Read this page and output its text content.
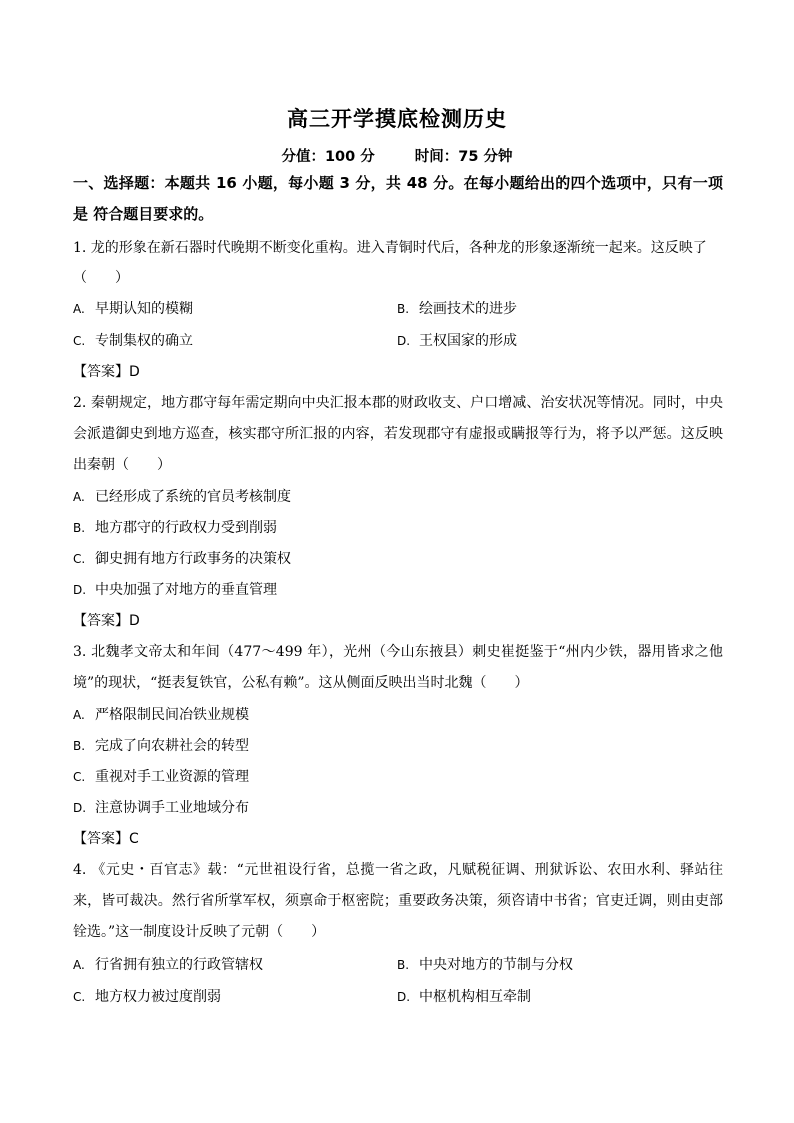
高三开学摸底检测历史
分值：100 分	时间：75 分钟
一、选择题：本题共 16 小题，每小题 3 分，共 48 分。在每小题给出的四个选项中，只有一项是 符合题目要求的。
1. 龙的形象在新石器时代晚期不断变化重构。进入青铜时代后，各种龙的形象逐渐统一起来。这反映了
（　　）
A. 早期认知的模糊	B. 绘画技术的进步
C. 专制集权的确立	D. 王权国家的形成
【答案】D
2. 秦朝规定，地方郡守每年需定期向中央汇报本郡的财政收支、户口增减、治安状况等情况。同时，中央会派遣御史到地方巡查，核实郡守所汇报的内容，若发现郡守有虚报或瞒报等行为，将予以严惩。这反映出秦朝（　　）
A. 已经形成了系统的官员考核制度
B. 地方郡守的行政权力受到削弱
C. 御史拥有地方行政事务的决策权
D. 中央加强了对地方的垂直管理
【答案】D
3. 北魏孝文帝太和年间（477～499 年），光州（今山东掖县）刺史崔挺鉴于“州内少铁，器用皆求之他境”的现状，“挺表复铁官，公私有赖”。这从侧面反映出当时北魏（　　）
A. 严格限制民间冶铁业规模
B. 完成了向农耕社会的转型
C. 重视对手工业资源的管理
D. 注意协调手工业地域分布
【答案】C
4. 《元史・百官志》载：“元世祖设行省，总揽一省之政，凡赋税征调、刑狱诉讼、农田水利、驿站往来，皆可裁决。然行省所掌军权，须禀命于枢密院；重要政务决策，须咨请中书省；官吏迁调，则由吏部铨选。”这一制度设计反映了元朝（　　）
A. 行省拥有独立的行政管辖权	B. 中央对地方的节制与分权
C. 地方权力被过度削弱	D. 中枢机构相互牵制
